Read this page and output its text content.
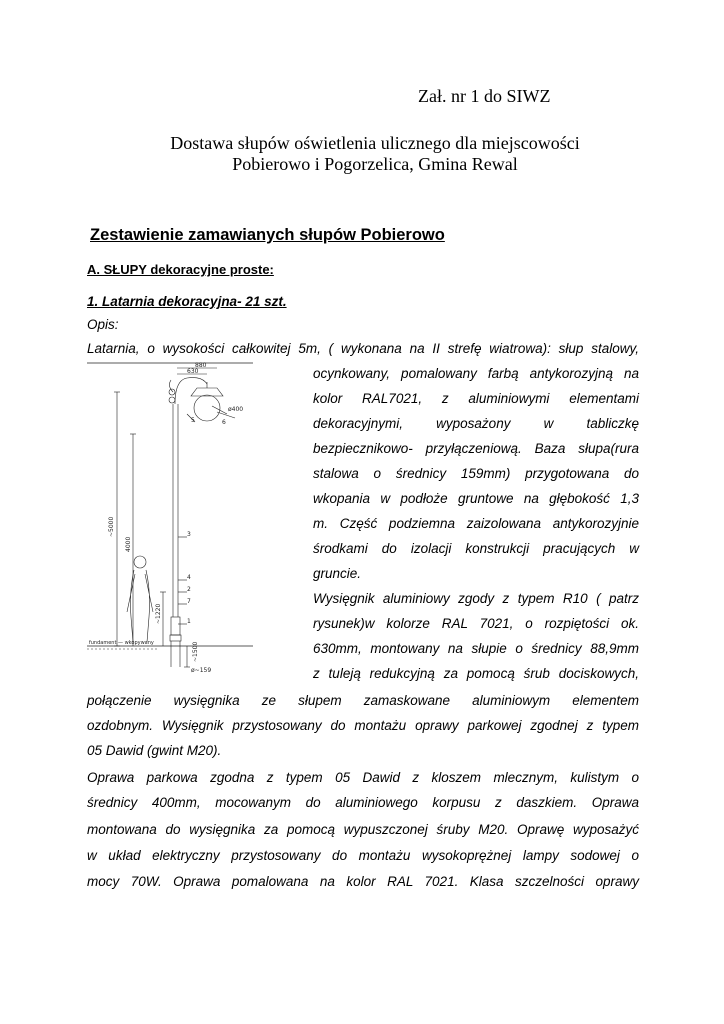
Zał. nr 1 do SIWZ
Dostawa słupów oświetlenia ulicznego dla miejscowości
Pobierowo i Pogorzelica, Gmina Rewal
Zestawienie zamawianych słupów Pobierowo
A. SŁUPY dekoracyjne proste:
1. Latarnia dekoracyjna- 21 szt.
Opis:
880
630
ø400
~5000
4000
~1220
~1500
ø~159
fundament — wkopywany
5	6
3
4
2
7
1
Latarnia, o wysokości całkowitej 5m, ( wykonana na II strefę wiatrowa): słup stalowy,
ocynkowany, pomalowany farbą antykorozyjną na
kolor RAL7021, z aluminiowymi elementami
dekoracyjnymi, wyposażony w tabliczkę
bezpiecznikowo- przyłączeniową. Baza słupa(rura
stalowa o średnicy 159mm) przygotowana do
wkopania w podłoże gruntowe na głębokość 1,3
m. Część podziemna zaizolowana antykorozyjnie
środkami do izolacji konstrukcji pracujących w
gruncie.
Wysięgnik aluminiowy zgody z typem R10 ( patrz
rysunek)w kolorze RAL 7021, o rozpiętości ok.
630mm, montowany na słupie o średnicy 88,9mm
z tuleją redukcyjną za pomocą śrub dociskowych,
połączenie wysięgnika ze słupem zamaskowane aluminiowym elementem
ozdobnym. Wysięgnik przystosowany do montażu oprawy parkowej zgodnej z typem
05 Dawid (gwint M20).
Oprawa parkowa zgodna z typem 05 Dawid z kloszem mlecznym, kulistym o
średnicy 400mm, mocowanym do aluminiowego korpusu z daszkiem. Oprawa
montowana do wysięgnika za pomocą wypuszczonej śruby M20. Oprawę wyposażyć
w układ elektryczny przystosowany do montażu wysokoprężnej lampy sodowej o
mocy 70W. Oprawa pomalowana na kolor RAL 7021. Klasa szczelności oprawy
